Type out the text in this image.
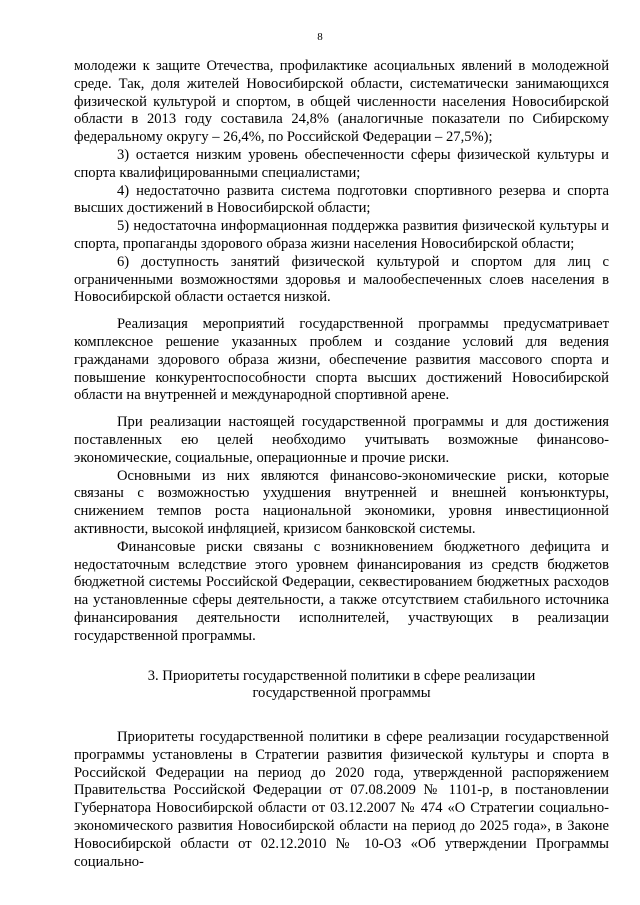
8

молодежи к защите Отечества, профилактике асоциальных явлений в молодежной среде. Так, доля жителей Новосибирской области, систематически занимающихся физической культурой и спортом, в общей численности населения Новосибирской области в 2013 году составила 24,8% (аналогичные показатели по Сибирскому федеральному округу – 26,4%, по Российской Федерации – 27,5%);

3) остается низким уровень обеспеченности сферы физической культуры и спорта квалифицированными специалистами;

4) недостаточно развита система подготовки спортивного резерва и спорта высших достижений в Новосибирской области;

5) недостаточна информационная поддержка развития физической культуры и спорта, пропаганды здорового образа жизни населения Новосибирской области;

6) доступность занятий физической культурой и спортом для лиц с ограниченными возможностями здоровья и малообеспеченных слоев населения в Новосибирской области остается низкой.

Реализация мероприятий государственной программы предусматривает комплексное решение указанных проблем и создание условий для ведения гражданами здорового образа жизни, обеспечение развития массового спорта и повышение конкурентоспособности спорта высших достижений Новосибирской области на внутренней и международной спортивной арене.

При реализации настоящей государственной программы и для достижения поставленных ею целей необходимо учитывать возможные финансово-экономические, социальные, операционные и прочие риски.

Основными из них являются финансово-экономические риски, которые связаны с возможностью ухудшения внутренней и внешней конъюнктуры, снижением темпов роста национальной экономики, уровня инвестиционной активности, высокой инфляцией, кризисом банковской системы.

Финансовые риски связаны с возникновением бюджетного дефицита и недостаточным вследствие этого уровнем финансирования из средств бюджетов бюджетной системы Российской Федерации, секвестированием бюджетных расходов на установленные сферы деятельности, а также отсутствием стабильного источника финансирования деятельности исполнителей, участвующих в реализации государственной программы.

3. Приоритеты государственной политики в сфере реализации государственной программы

Приоритеты государственной политики в сфере реализации государственной программы установлены в Стратегии развития физической культуры и спорта в Российской Федерации на период до 2020 года, утвержденной распоряжением Правительства Российской Федерации от 07.08.2009 № 1101-р, в постановлении Губернатора Новосибирской области от 03.12.2007 № 474 «О Стратегии социально-экономического развития Новосибирской области на период до 2025 года», в Законе Новосибирской области от 02.12.2010 № 10-ОЗ «Об утверждении Программы социально-
